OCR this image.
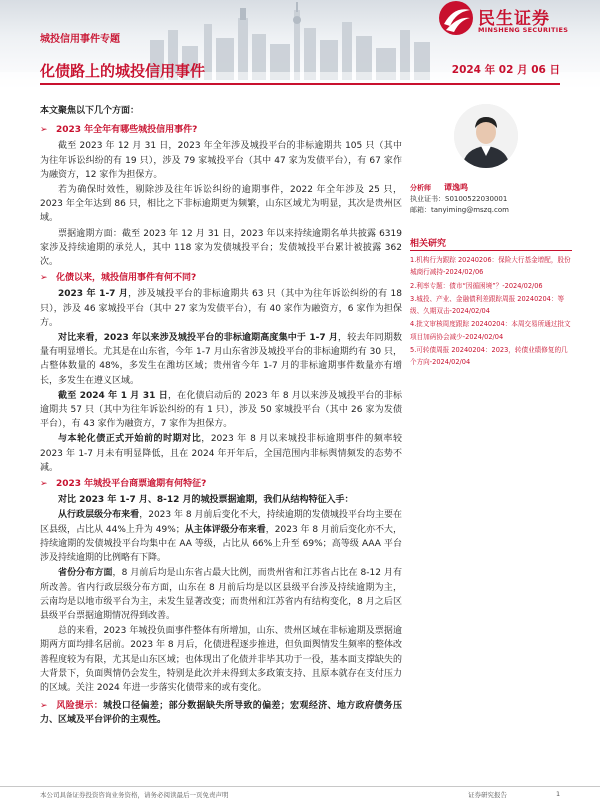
民生证券
MINSHENG SECURITIES
城投信用事件专题
化债路上的城投信用事件	2024 年 02 月 06 日

本文聚焦以下几个方面：

➢ 2023 年全年有哪些城投信用事件?

截至 2023 年 12 月 31 日，2023 年全年涉及城投平台的非标逾期共 105 只（其中为往年诉讼纠纷的有 19 只），涉及 79 家城投平台（其中 47 家为发债平台），有 67 家作为融资方，12 家作为担保方。

若为确保时效性，剔除涉及往年诉讼纠纷的逾期事件，2022 年全年涉及 25 只，2023 年全年达到 86 只，相比之下非标逾期更为频繁，山东区域尤为明显，其次是贵州区域。

票据逾期方面：截至 2023 年 12 月 31 日，2023 年以来持续逾期名单共披露 6319 家涉及持续逾期的承兑人，其中 118 家为发债城投平台；发债城投平台累计被披露 362 次。

➢ 化债以来，城投信用事件有何不同?

2023 年 1-7 月，涉及城投平台的非标逾期共 63 只（其中为往年诉讼纠纷的有 18 只），涉及 46 家城投平台（其中 27 家为发债平台），有 40 家作为融资方，6 家作为担保方。

对比来看，2023 年以来涉及城投平台的非标逾期高度集中于 1-7 月，较去年同期数量有明显增长。尤其是在山东省，今年 1-7 月山东省涉及城投平台的非标逾期约有 30 只，占整体数量的 48%，多发生在潍坊区域；贵州省今年 1-7 月的非标逾期事件数量亦有增长，多发生在遵义区域。

截至 2024 年 1 月 31 日，在化债启动后的 2023 年 8 月以来涉及城投平台的非标逾期共 57 只（其中为往年诉讼纠纷的有 1 只），涉及 50 家城投平台（其中 26 家为发债平台），有 43 家作为融资方，7 家作为担保方。

与本轮化债正式开始前的时期对比，2023 年 8 月以来城投非标逾期事件的频率较 2023 年 1-7 月未有明显降低，且在 2024 年开年后，全国范围内非标舆情频发的态势不减。

➢ 2023 年城投平台商票逾期有何特征?

对比 2023 年 1-7 月、8-12 月的城投票据逾期，我们从结构特征入手：

从行政层级分布来看，2023 年 8 月前后变化不大，持续逾期的发债城投平台均主要在区县级，占比从 44%上升为 49%；从主体评级分布来看，2023 年 8 月前后变化亦不大，持续逾期的发债城投平台均集中在 AA 等级，占比从 66%上升至 69%；高等级 AAA 平台涉及持续逾期的比例略有下降。

省份分布方面，8 月前后均是山东省占最大比例，而贵州省和江苏省占比在 8-12 月有所改善。省内行政层级分布方面，山东在 8 月前后均是以区县级平台涉及持续逾期为主，云南均是以地市级平台为主，未发生显著改变；而贵州和江苏省内有结构变化，8 月之后区县级平台票据逾期情况得到改善。

总的来看，2023 年城投负面事件整体有所增加，山东、贵州区域在非标逾期及票据逾期两方面均排名居前。2023 年 8 月后，化债进程逐步推进，但负面舆情发生频率的整体改善程度较为有限，尤其是山东区域；也体现出了化债并非毕其功于一役，基本面支撑缺失的大背景下，负面舆情仍会发生，特别是此次并未得到太多政策支持、且原本就存在支付压力的区域。关注 2024 年进一步落实化债带来的或有变化。

➢ 风险提示：城投口径偏差；部分数据缺失所导致的偏差；宏观经济、地方政府债务压力、区域及平台评价的主观性。

分析师 谭逸鸣
执业证书：S0100522030001
邮箱：tanyiming@mszq.com
相关研究
1.机构行为跟踪 20240206：保险大行基金增配，股份城商行减持-2024/02/06
2.利率专题：债市“因循困境”？-2024/02/06
3.城投、产业、金融债利差跟踪周报 20240204：等级、久期双击-2024/02/04
4.批文审核周度跟踪 20240204：本周交易所通过批文项目加码协会减少-2024/02/04
5.可转债周报 20240204：2023，转债业绩修复的几个方向-2024/02/04
本公司具备证券投资咨询业务资格，请务必阅读最后一页免责声明	证券研究报告	1
